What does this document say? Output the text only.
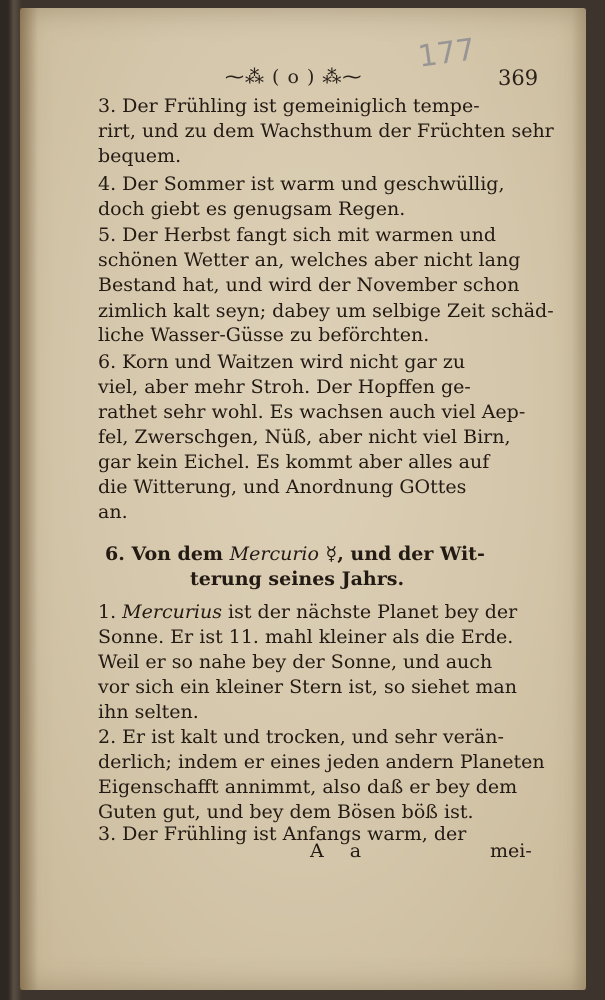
⁓⁂ ( o ) ⁂⁓
177
369
3. Der Frühling ist gemeiniglich tempe-
rirt, und zu dem Wachsthum der Früchten sehr
bequem.
4. Der Sommer ist warm und geschwüllig,
doch giebt es genugsam Regen.
5. Der Herbst fangt sich mit warmen und
schönen Wetter an, welches aber nicht lang
Bestand hat, und wird der November schon
zimlich kalt seyn; dabey um selbige Zeit schäd-
liche Wasser-Güsse zu beförchten.
6. Korn und Waitzen wird nicht gar zu
viel, aber mehr Stroh. Der Hopffen ge-
rathet sehr wohl. Es wachsen auch viel Aep-
fel, Zwerschgen, Nüß, aber nicht viel Birn,
gar kein Eichel. Es kommt aber alles auf
die Witterung, und Anordnung GOttes
an.
6. Von dem Mercurio ☿, und der Wit-
terung seines Jahrs.
1. Mercurius ist der nächste Planet bey der
Sonne. Er ist 11. mahl kleiner als die Erde.
Weil er so nahe bey der Sonne, und auch
vor sich ein kleiner Stern ist, so siehet man
ihn selten.
2. Er ist kalt und trocken, und sehr verän-
derlich; indem er eines jeden andern Planeten
Eigenschafft annimmt, also daß er bey dem
Guten gut, und bey dem Bösen böß ist.
3. Der Frühling ist Anfangs warm, der
A a	mei-
